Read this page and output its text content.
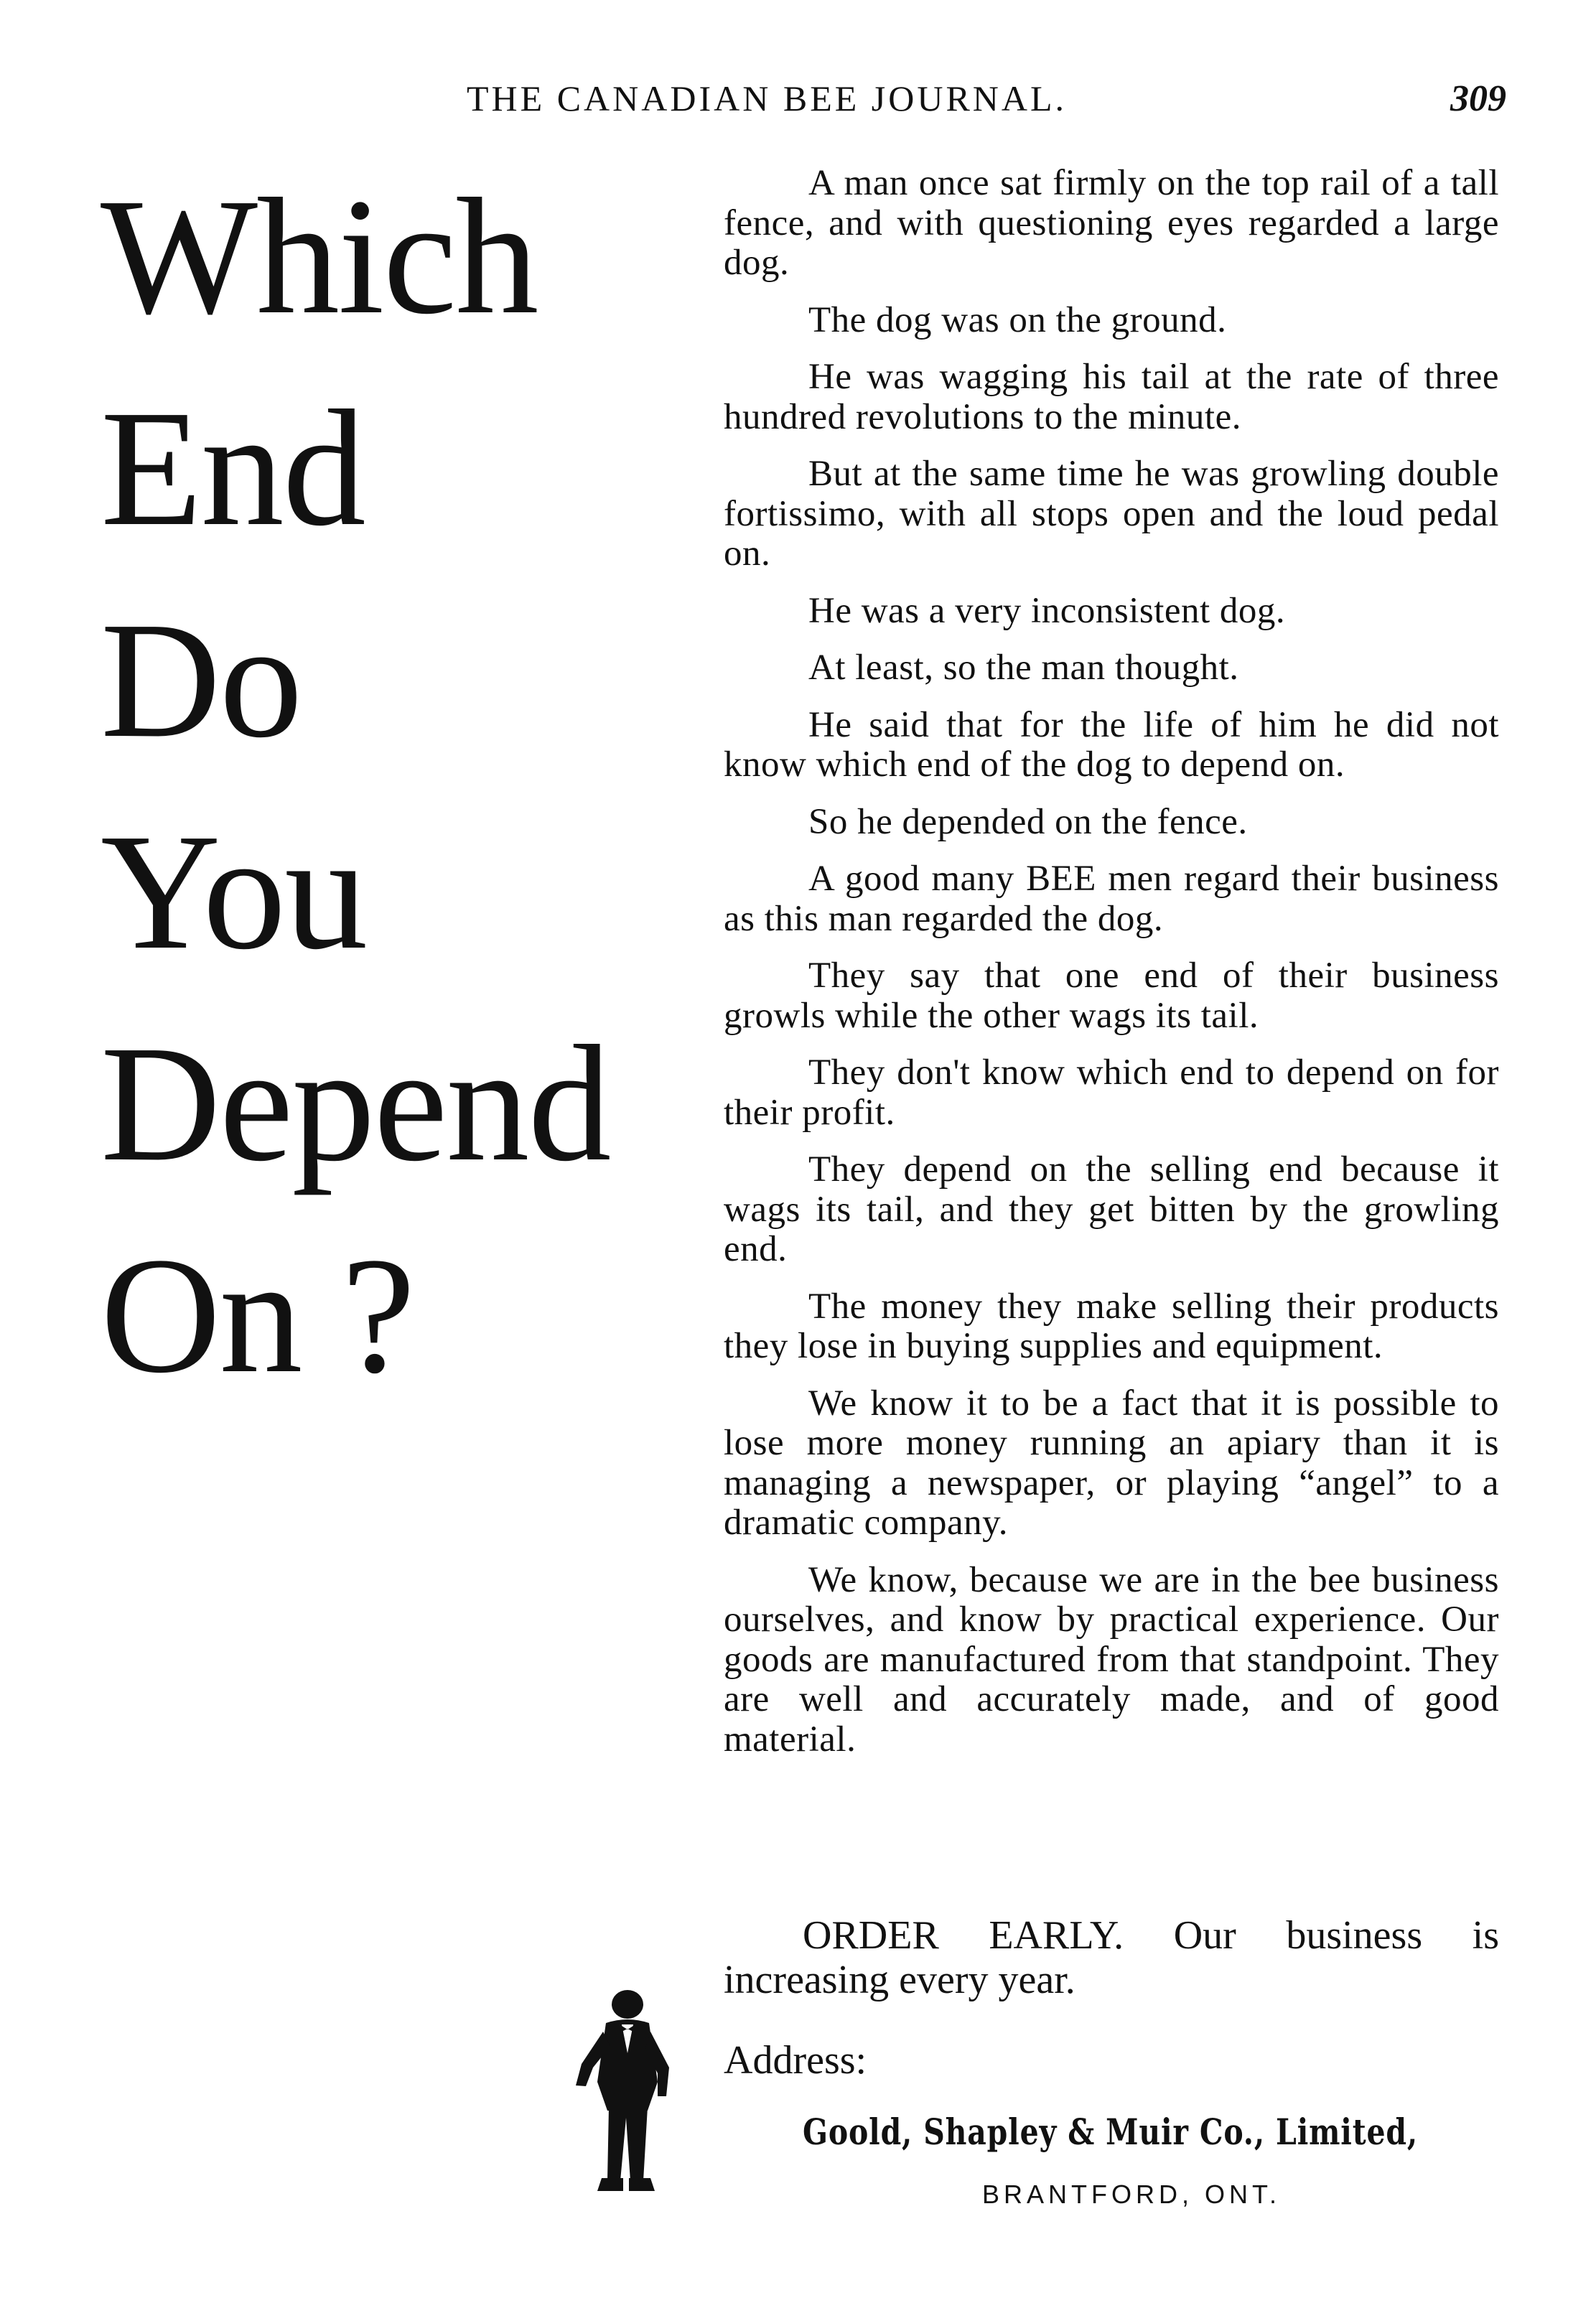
THE CANADIAN BEE JOURNAL.	309
Which
End
Do
You
Depend
On ?

A man once sat firmly on the top rail of a tall fence, and with questioning eyes regarded a large dog.

The dog was on the ground.

He was wagging his tail at the rate of three hundred revolutions to the minute.

But at the same time he was growling double fortissimo, with all stops open and the loud pedal on.

He was a very inconsistent dog.

At least, so the man thought.

He said that for the life of him he did not know which end of the dog to depend on.

So he depended on the fence.

A good many BEE men regard their business as this man regarded the dog.

They say that one end of their business growls while the other wags its tail.

They don't know which end to depend on for their profit.

They depend on the selling end because it wags its tail, and they get bitten by the growling end.

The money they make selling their products they lose in buying supplies and equipment.

We know it to be a fact that it is possible to lose more money running an apiary than it is managing a newspaper, or playing “angel” to a dramatic company.

We know, because we are in the bee business ourselves, and know by practical experience. Our goods are manufactured from that standpoint. They are well and accurately made, and of good material.

ORDER EARLY. Our business is increasing every year.

Address:
Goold, Shapley & Muir Co., Limited,
BRANTFORD, ONT.
